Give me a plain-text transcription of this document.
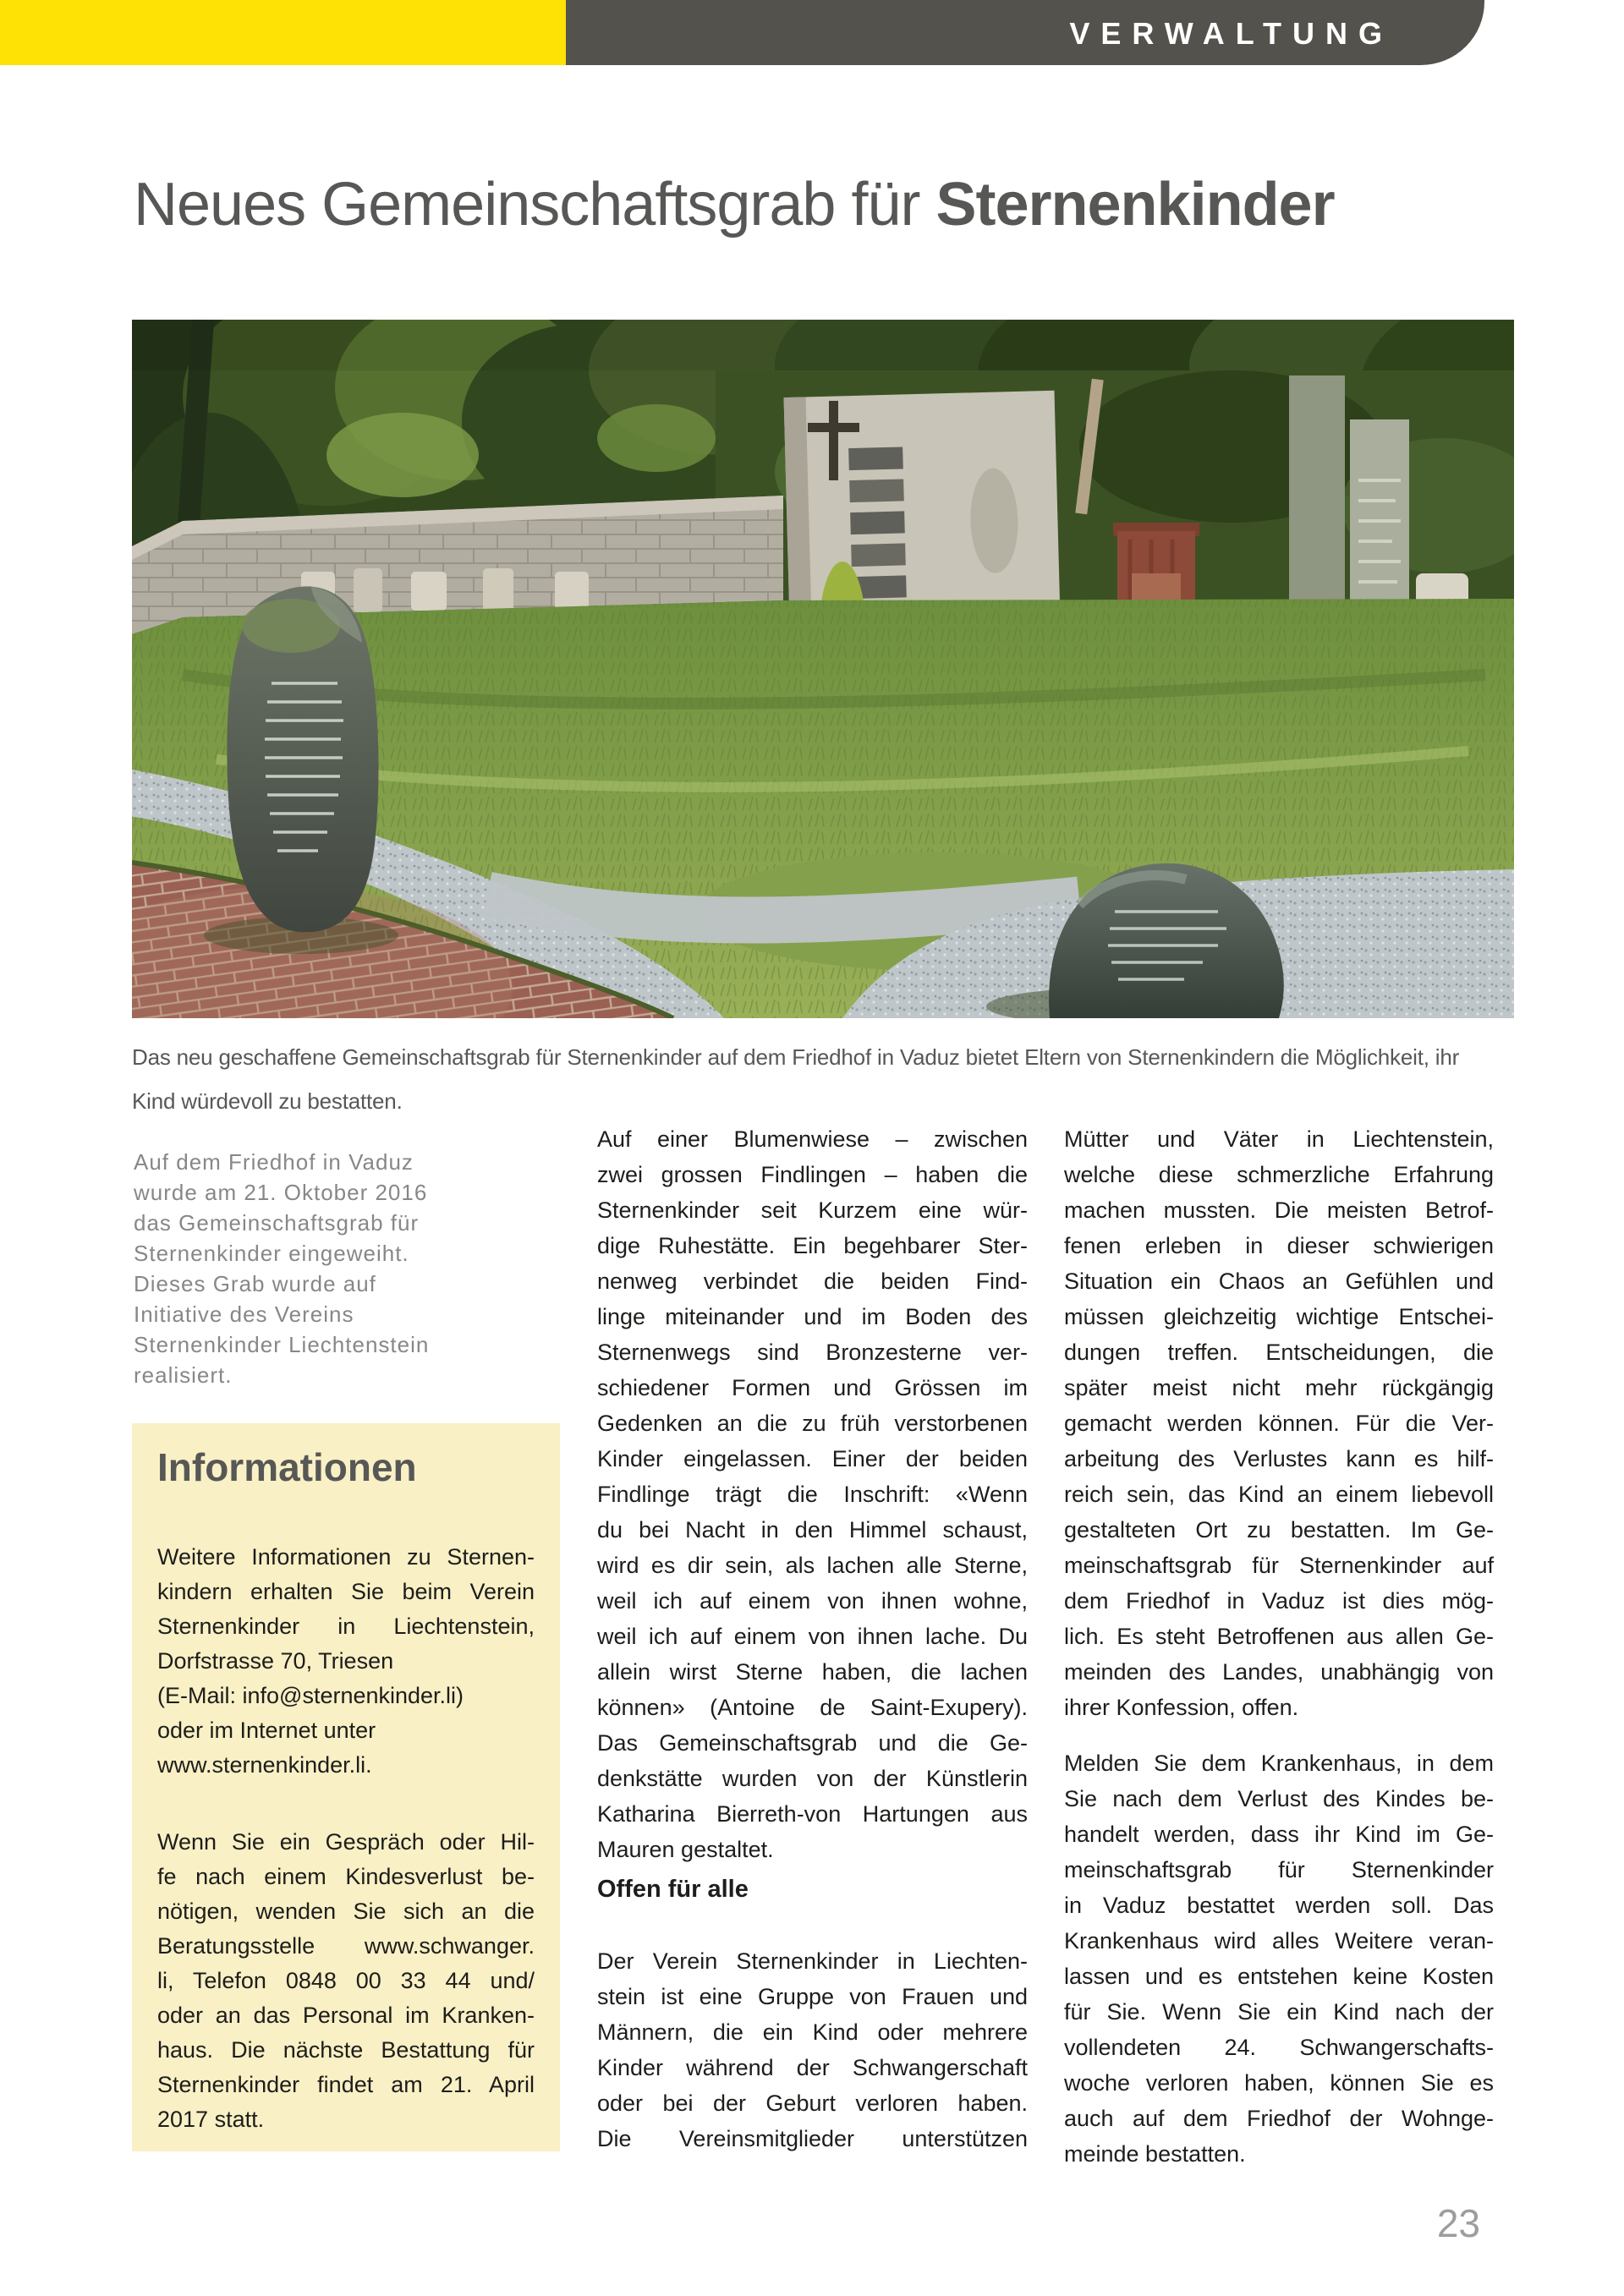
VERWALTUNG
Neues Gemeinschaftsgrab für Sternenkinder
Das neu geschaffene Gemeinschaftsgrab für Sternenkinder auf dem Friedhof in Vaduz bietet Eltern von Sternenkindern die Möglichkeit, ihr
Kind würdevoll zu bestatten.
Auf dem Friedhof in Vaduz
wurde am 21. Oktober 2016
das Gemeinschaftsgrab für
Sternenkinder eingeweiht.
Dieses Grab wurde auf
Initiative des Vereins
Sternenkinder Liechtenstein
realisiert.
Informationen
Weitere Informationen zu Sternen-
kindern erhalten Sie beim Verein
Sternenkinder in Liechtenstein,
Dorfstrasse 70, Triesen
(E-Mail: info@sternenkinder.li)
oder im Internet unter
www.sternenkinder.li.
Wenn Sie ein Gespräch oder Hil-
fe nach einem Kindesverlust be-
nötigen, wenden Sie sich an die
Beratungsstelle www.schwanger.
li, Telefon 0848 00 33 44 und/
oder an das Personal im Kranken-
haus. Die nächste Bestattung für
Sternenkinder findet am 21. April
2017 statt.
Auf einer Blumenwiese – zwischen
zwei grossen Findlingen – haben die
Sternenkinder seit Kurzem eine wür-
dige Ruhestätte. Ein begehbarer Ster-
nenweg verbindet die beiden Find-
linge miteinander und im Boden des
Sternenwegs sind Bronzesterne ver-
schiedener Formen und Grössen im
Gedenken an die zu früh verstorbenen
Kinder eingelassen. Einer der beiden
Findlinge trägt die Inschrift: «Wenn
du bei Nacht in den Himmel schaust,
wird es dir sein, als lachen alle Sterne,
weil ich auf einem von ihnen wohne,
weil ich auf einem von ihnen lache. Du
allein wirst Sterne haben, die lachen
können» (Antoine de Saint-Exupery).
Das Gemeinschaftsgrab und die Ge-
denkstätte wurden von der Künstlerin
Katharina Bierreth-von Hartungen aus
Mauren gestaltet.
Offen für alle
Der Verein Sternenkinder in Liechten-
stein ist eine Gruppe von Frauen und
Männern, die ein Kind oder mehrere
Kinder während der Schwangerschaft
oder bei der Geburt verloren haben.
Die Vereinsmitglieder unterstützen
Mütter und Väter in Liechtenstein,
welche diese schmerzliche Erfahrung
machen mussten. Die meisten Betrof-
fenen erleben in dieser schwierigen
Situation ein Chaos an Gefühlen und
müssen gleichzeitig wichtige Entschei-
dungen treffen. Entscheidungen, die
später meist nicht mehr rückgängig
gemacht werden können. Für die Ver-
arbeitung des Verlustes kann es hilf-
reich sein, das Kind an einem liebevoll
gestalteten Ort zu bestatten. Im Ge-
meinschaftsgrab für Sternenkinder auf
dem Friedhof in Vaduz ist dies mög-
lich. Es steht Betroffenen aus allen Ge-
meinden des Landes, unabhängig von
ihrer Konfession, offen.
Melden Sie dem Krankenhaus, in dem
Sie nach dem Verlust des Kindes be-
handelt werden, dass ihr Kind im Ge-
meinschaftsgrab für Sternenkinder
in Vaduz bestattet werden soll. Das
Krankenhaus wird alles Weitere veran-
lassen und es entstehen keine Kosten
für Sie. Wenn Sie ein Kind nach der
vollendeten 24. Schwangerschafts-
woche verloren haben, können Sie es
auch auf dem Friedhof der Wohnge-
meinde bestatten.
23
